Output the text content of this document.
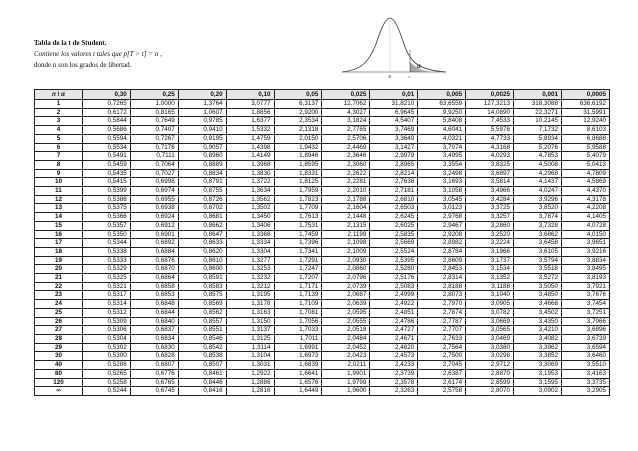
Tabla de la t de Student.
Contiene los valores t tales que p[T > t] = α ,
donde n son los grados de libertad.	α
0	t
n \ α	0,30	0,25	0,20	0,10	0,05	0,025	0,01	0,005	0,0025	0,001	0,0005
1	0,7265	1,0000	1,3764	3,0777	6,3137	12,7062	31,8210	63,6559	127,3213	318,3088	636,6192
2	0,6172	0,8165	1,0607	1,8856	2,9200	4,3027	6,9645	9,9250	14,0890	22,3271	31,5991
3	0,5844	0,7649	0,9785	1,6377	2,3534	3,1824	4,5407	5,8408	7,4533	10,2145	12,9240
4	0,5686	0,7407	0,9410	1,5332	2,1318	2,7765	3,7469	4,6041	5,5976	7,1732	8,6103
5	0,5594	0,7267	0,9195	1,4759	2,0150	2,5706	3,3649	4,0321	4,7733	5,8934	6,8688
6	0,5534	0,7176	0,9057	1,4398	1,9432	2,4469	3,1427	3,7074	4,3168	5,2076	5,9588
7	0,5491	0,7111	0,8960	1,4149	1,8946	2,3646	2,9979	3,4995	4,0293	4,7853	5,4079
8	0,5459	0,7064	0,8889	1,3968	1,8595	2,3060	2,8965	3,3554	3,8325	4,5008	5,0413
9	0,5435	0,7027	0,8834	1,3830	1,8331	2,2622	2,8214	3,2498	3,6897	4,2968	4,7809
10	0,5415	0,6998	0,8791	1,3722	1,8125	2,2281	2,7638	3,1693	3,5814	4,1437	4,5869
11	0,5399	0,6974	0,8755	1,3634	1,7959	2,2010	2,7181	3,1058	3,4966	4,0247	4,4370
12	0,5386	0,6955	0,8726	1,3562	1,7823	2,1788	2,6810	3,0545	3,4284	3,9296	4,3178
13	0,5375	0,6938	0,8702	1,3502	1,7709	2,1604	2,6503	3,0123	3,3725	3,8520	4,2208
14	0,5366	0,6924	0,8681	1,3450	1,7613	2,1448	2,6245	2,9768	3,3257	3,7874	4,1405
15	0,5357	0,6912	0,8662	1,3406	1,7531	2,1315	2,6025	2,9467	3,2860	3,7328	4,0728
16	0,5350	0,6901	0,8647	1,3368	1,7459	2,1199	2,5835	2,9208	3,2520	3,6862	4,0150
17	0,5344	0,6892	0,8633	1,3334	1,7396	2,1098	2,5669	2,8982	3,2224	3,6458	3,9651
18	0,5338	0,6884	0,8620	1,3304	1,7341	2,1009	2,5524	2,8784	3,1966	3,6105	3,9216
19	0,5333	0,6876	0,8610	1,3277	1,7291	2,0930	2,5395	2,8609	3,1737	3,5794	3,8834
20	0,5329	0,6870	0,8600	1,3253	1,7247	2,0860	2,5280	2,8453	3,1534	3,5518	3,8495
21	0,5325	0,6864	0,8591	1,3232	1,7207	2,0796	2,5176	2,8314	3,1352	3,5272	3,8193
22	0,5321	0,6858	0,8583	1,3212	1,7171	2,0739	2,5083	2,8188	3,1188	3,5050	3,7921
23	0,5317	0,6853	0,8575	1,3195	1,7139	2,0687	2,4999	2,8073	3,1040	3,4850	3,7676
24	0,5314	0,6848	0,8569	1,3178	1,7109	2,0639	2,4922	2,7970	3,0905	3,4668	3,7454
25	0,5312	0,6844	0,8562	1,3163	1,7081	2,0595	2,4851	2,7874	3,0782	3,4502	3,7251
26	0,5309	0,6840	0,8557	1,3150	1,7056	2,0555	2,4786	2,7787	3,0669	3,4350	3,7066
27	0,5306	0,6837	0,8551	1,3137	1,7033	2,0518	2,4727	2,7707	3,0565	3,4210	3,6896
28	0,5304	0,6834	0,8546	1,3125	1,7011	2,0484	2,4671	2,7633	3,0469	3,4082	3,6739
29	0,5302	0,6830	0,8542	1,3114	1,6991	2,0452	2,4620	2,7564	3,0380	3,3962	3,6594
30	0,5300	0,6828	0,8538	1,3104	1,6973	2,0423	2,4573	2,7500	3,0298	3,3852	3,6460
40	0,5286	0,6807	0,8507	1,3031	1,6839	2,0211	2,4233	2,7045	2,9712	3,3069	3,5510
80	0,5265	0,6776	0,8461	1,2922	1,6641	1,9901	2,3739	2,6387	2,8870	3,1953	3,4163
120	0,5258	0,6765	0,8446	1,2886	1,6576	1,9799	2,3578	2,6174	2,8599	3,1595	3,3735
∞	0,5244	0,6745	0,8416	1,2816	1,6449	1,9600	2,3263	2,5758	2,8070	3,0902	3,2905
